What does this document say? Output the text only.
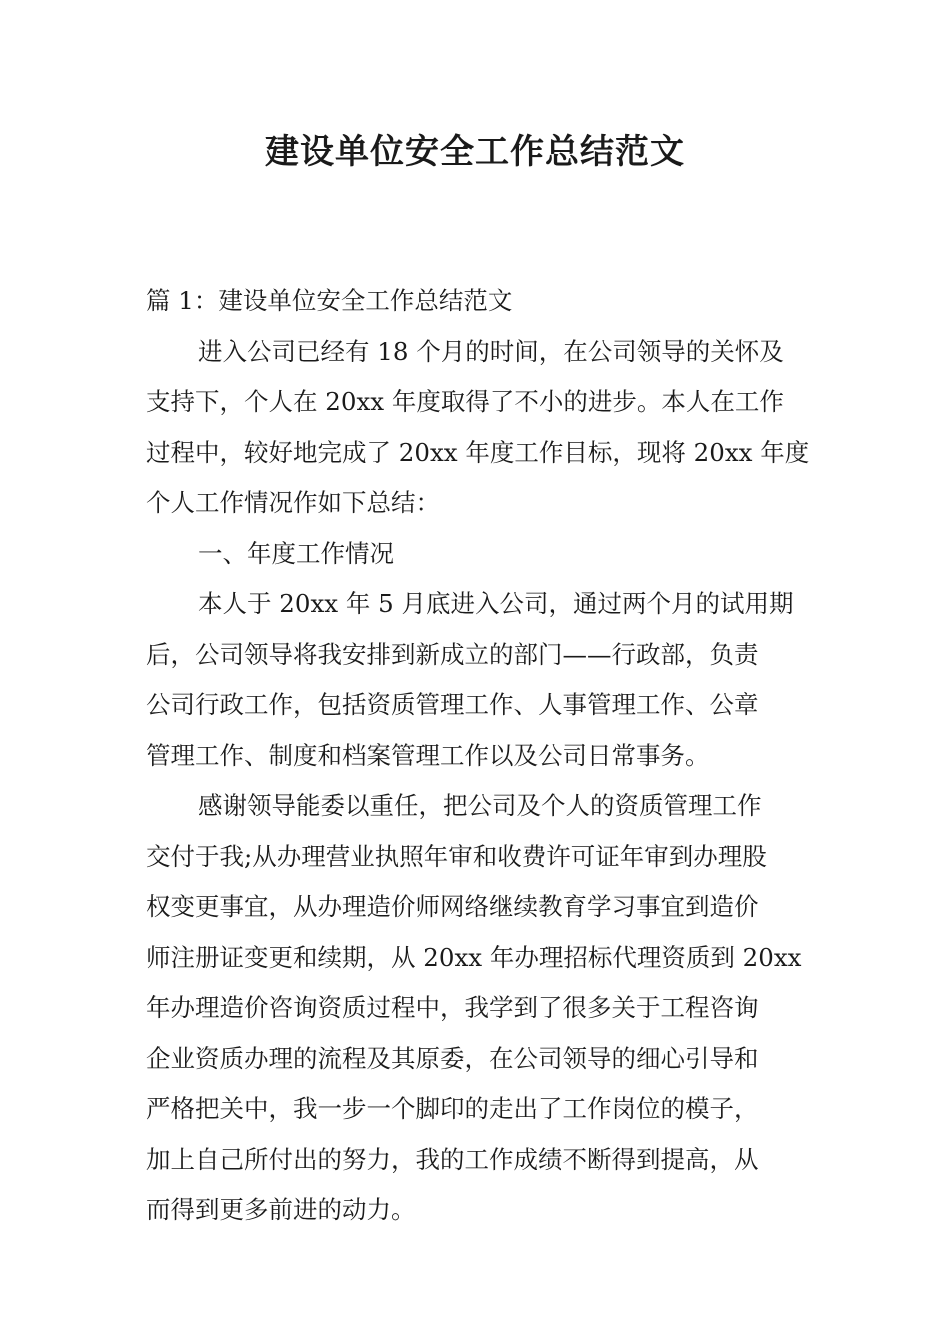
建设单位安全工作总结范文
篇 1：建设单位安全工作总结范文
进入公司已经有 18 个月的时间，在公司领导的关怀及
支持下，个人在 20xx 年度取得了不小的进步。本人在工作
过程中，较好地完成了 20xx 年度工作目标，现将 20xx 年度
个人工作情况作如下总结：
一、年度工作情况
本人于 20xx 年 5 月底进入公司，通过两个月的试用期
后，公司领导将我安排到新成立的部门——行政部，负责
公司行政工作，包括资质管理工作、人事管理工作、公章
管理工作、制度和档案管理工作以及公司日常事务。
感谢领导能委以重任，把公司及个人的资质管理工作
交付于我;从办理营业执照年审和收费许可证年审到办理股
权变更事宜，从办理造价师网络继续教育学习事宜到造价
师注册证变更和续期，从 20xx 年办理招标代理资质到 20xx
年办理造价咨询资质过程中，我学到了很多关于工程咨询
企业资质办理的流程及其原委，在公司领导的细心引导和
严格把关中，我一步一个脚印的走出了工作岗位的模子，
加上自己所付出的努力，我的工作成绩不断得到提高，从
而得到更多前进的动力。
